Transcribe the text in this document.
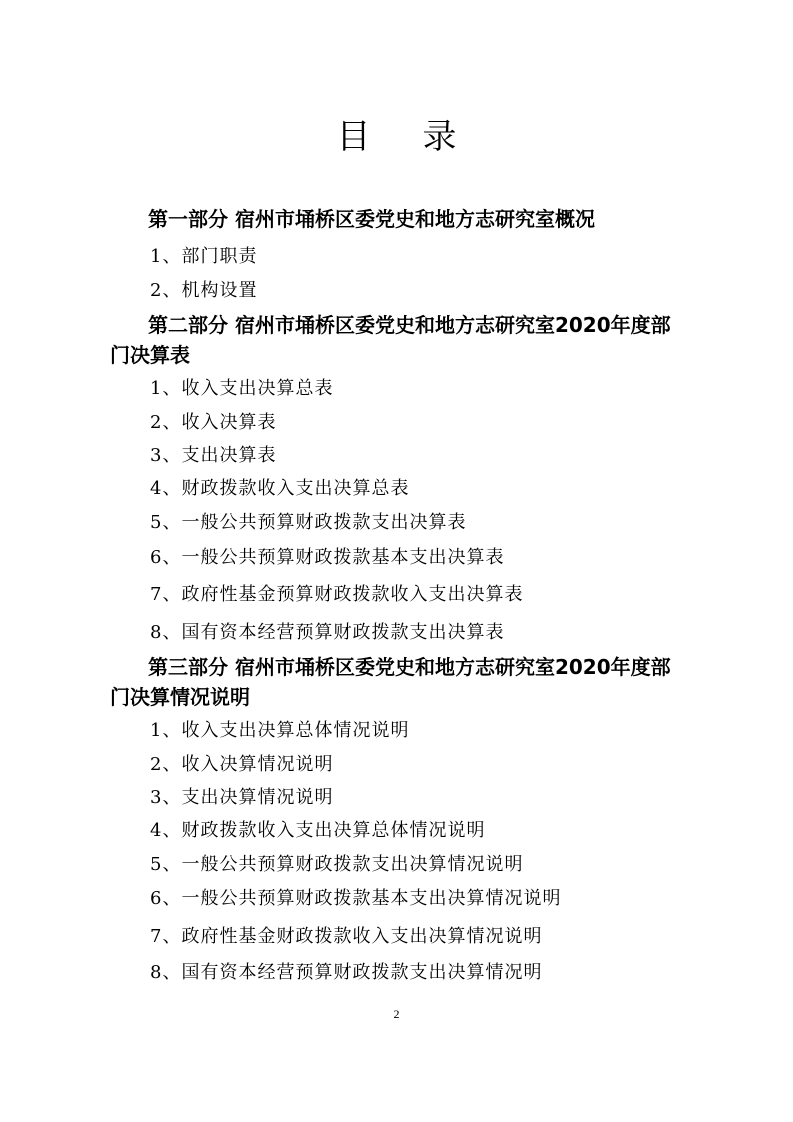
目录
第一部分 宿州市埇桥区委党史和地方志研究室概况
1、部门职责
2、机构设置
第二部分 宿州市埇桥区委党史和地方志研究室2020年度部
门决算表
1、收入支出决算总表
2、收入决算表
3、支出决算表
4、财政拨款收入支出决算总表
5、一般公共预算财政拨款支出决算表
6、一般公共预算财政拨款基本支出决算表
7、政府性基金预算财政拨款收入支出决算表
8、国有资本经营预算财政拨款支出决算表
第三部分 宿州市埇桥区委党史和地方志研究室2020年度部
门决算情况说明
1、收入支出决算总体情况说明
2、收入决算情况说明
3、支出决算情况说明
4、财政拨款收入支出决算总体情况说明
5、一般公共预算财政拨款支出决算情况说明
6、一般公共预算财政拨款基本支出决算情况说明
7、政府性基金财政拨款收入支出决算情况说明
8、国有资本经营预算财政拨款支出决算情况明
2
